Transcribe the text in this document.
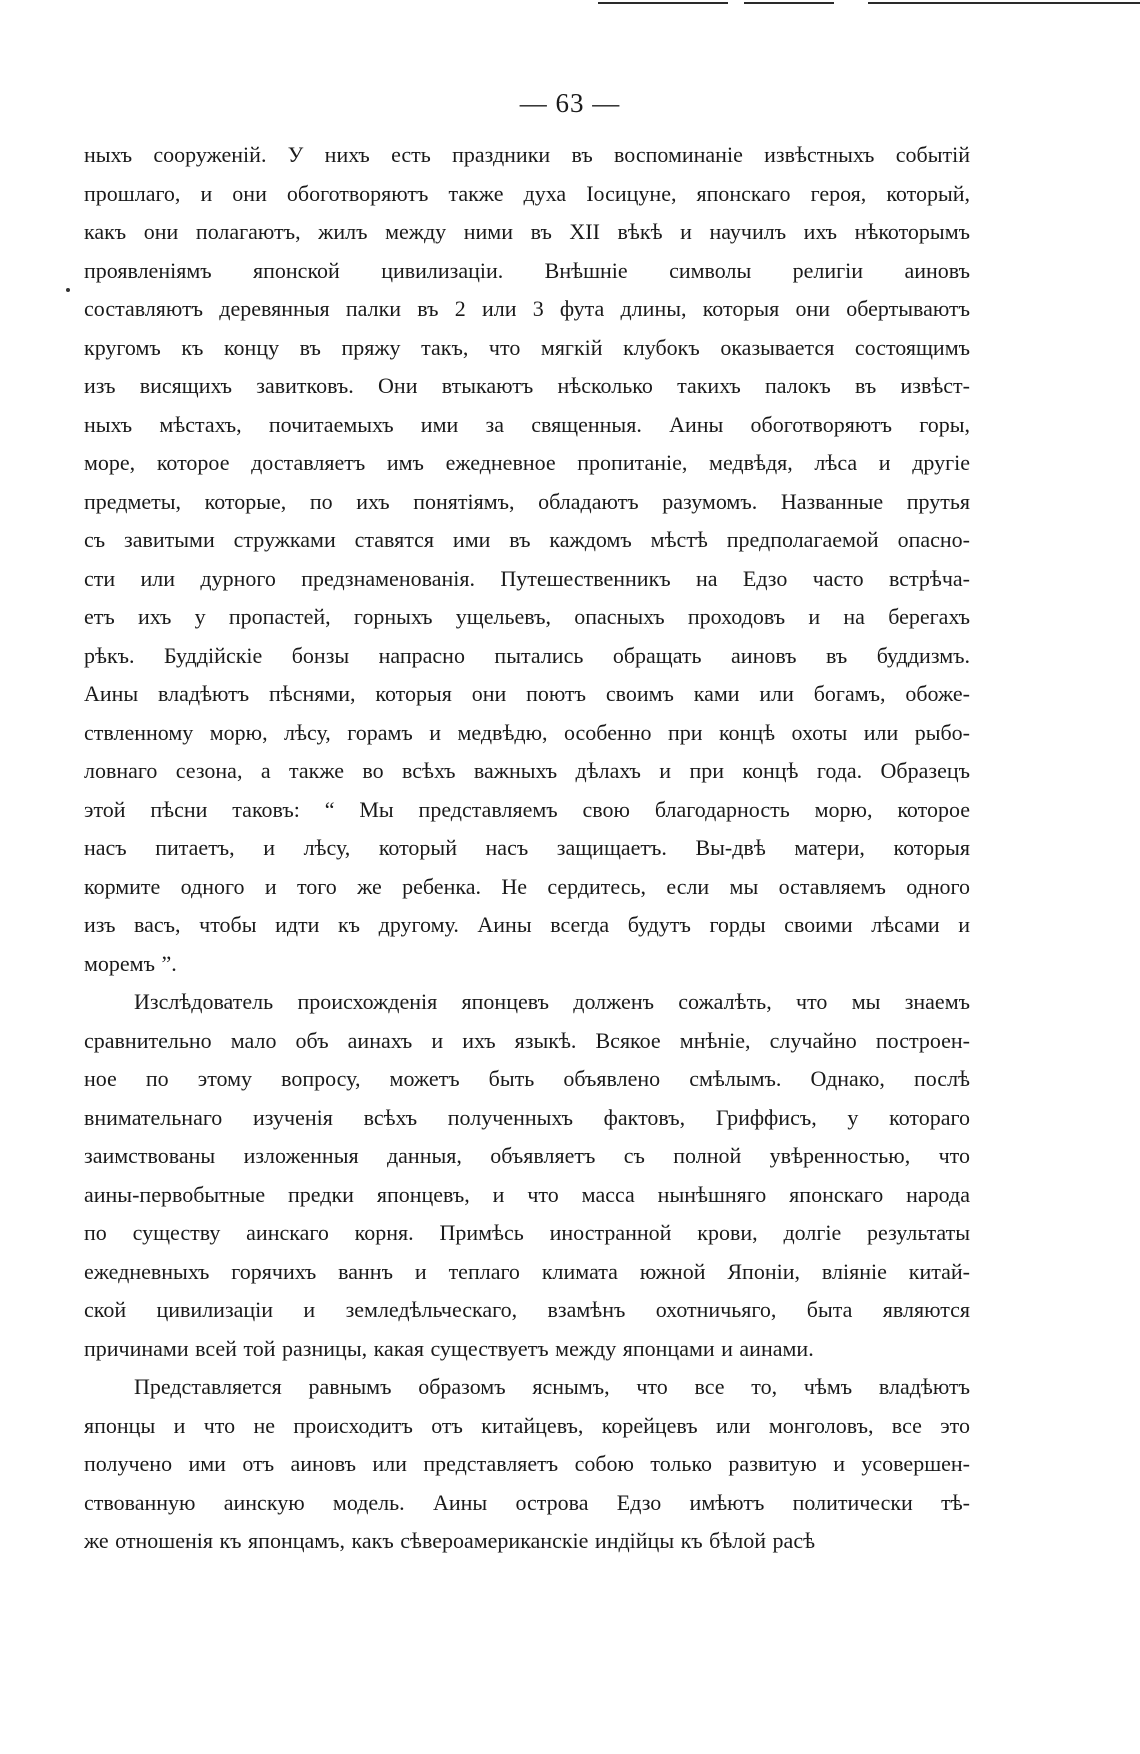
— 63 —
ныхъ сооруженій. У нихъ есть праздники въ воспоминаніе извѣстныхъ событій
прошлаго, и они обоготворяютъ также духа Іосицуне, японскаго героя, который,
какъ они полагаютъ, жилъ между ними въ XII вѣкѣ и научилъ ихъ нѣкоторымъ
проявленіямъ японской цивилизаціи. Внѣшніе символы религіи аиновъ
составляютъ деревянныя палки въ 2 или 3 фута длины, которыя они обертываютъ
кругомъ къ концу въ пряжу такъ, что мягкій клубокъ оказывается состоящимъ
изъ висящихъ завитковъ. Они втыкаютъ нѣсколько такихъ палокъ въ извѣст-
ныхъ мѣстахъ, почитаемыхъ ими за священныя. Аины обоготворяютъ горы,
море, которое доставляетъ имъ ежедневное пропитаніе, медвѣдя, лѣса и другіе
предметы, которые, по ихъ понятіямъ, обладаютъ разумомъ. Названные прутья
съ завитыми стружками ставятся ими въ каждомъ мѣстѣ предполагаемой опасно-
сти или дурного предзнаменованія. Путешественникъ на Едзо часто встрѣча-
етъ ихъ у пропастей, горныхъ ущельевъ, опасныхъ проходовъ и на берегахъ
рѣкъ. Буддійскіе бонзы напрасно пытались обращать аиновъ въ буддизмъ.
Аины владѣютъ пѣснями, которыя они поютъ своимъ ками или богамъ, обоже-
ствленному морю, лѣсу, горамъ и медвѣдю, особенно при концѣ охоты или рыбо-
ловнаго сезона, а также во всѣхъ важныхъ дѣлахъ и при концѣ года. Образецъ
этой пѣсни таковъ: “ Мы представляемъ свою благодарность морю, которое
насъ питаетъ, и лѣсу, который насъ защищаетъ. Вы-двѣ матери, которыя
кормите одного и того же ребенка. Не сердитесь, если мы оставляемъ одного
изъ васъ, чтобы идти къ другому. Аины всегда будутъ горды своими лѣсами и
моремъ ”.
Изслѣдователь происхожденія японцевъ долженъ сожалѣть, что мы знаемъ
сравнительно мало объ аинахъ и ихъ языкѣ. Всякое мнѣніе, случайно построен-
ное по этому вопросу, можетъ быть объявлено смѣлымъ. Однако, послѣ
внимательнаго изученія всѣхъ полученныхъ фактовъ, Гриффисъ, у котораго
заимствованы изложенныя данныя, объявляетъ съ полной увѣренностью, что
аины-первобытные предки японцевъ, и что масса нынѣшняго японскаго народа
по существу аинскаго корня. Примѣсь иностранной крови, долгіе результаты
ежедневныхъ горячихъ ваннъ и теплаго климата южной Японіи, вліяніе китай-
ской цивилизаціи и земледѣльческаго, взамѣнъ охотничьяго, быта являются
причинами всей той разницы, какая существуетъ между японцами и аинами.
Представляется равнымъ образомъ яснымъ, что все то, чѣмъ владѣютъ
японцы и что не происходитъ отъ китайцевъ, корейцевъ или монголовъ, все это
получено ими отъ аиновъ или представляетъ собою только развитую и усовершен-
ствованную аинскую модель. Аины острова Едзо имѣютъ политически тѣ-
же отношенія къ японцамъ, какъ сѣвероамериканскіе индійцы къ бѣлой расѣ
